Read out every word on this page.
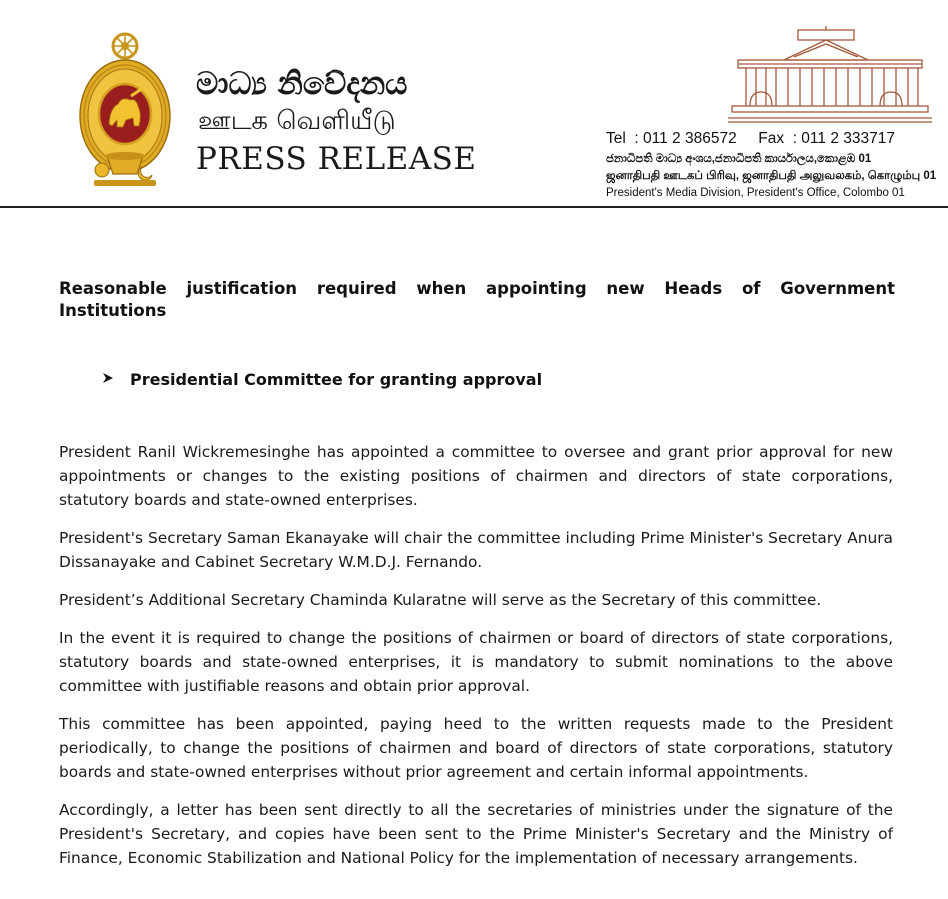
මාධ්‍ය නිවේදනය

ஊடக வெளியீடு

PRESS RELEASE

Tel  : 011 2 386572     Fax  : 011 2 333717

ජනාධිපති මාධ්‍ය අංශය,ජනාධිපති කාර්යාලය,කොළඹ 01

ஜனாதிபதி ஊடகப் பிரிவு, ஜனாதிபதி அலுவலகம், கொழும்பு 01

President's Media Division, President's Office, Colombo 01

Reasonable justification required when appointing new Heads of Government Institutions

Presidential Committee for granting approval

President Ranil Wickremesinghe has appointed a committee to oversee and grant prior approval for new appointments or changes to the existing positions of chairmen and directors of state corporations, statutory boards and state-owned enterprises.

President's Secretary Saman Ekanayake will chair the committee including Prime Minister's Secretary Anura Dissanayake and Cabinet Secretary W.M.D.J. Fernando.

President’s Additional Secretary Chaminda Kularatne will serve as the Secretary of this committee.

In the event it is required to change the positions of chairmen or board of directors of state corporations, statutory boards and state-owned enterprises, it is mandatory to submit nominations to the above committee with justifiable reasons and obtain prior approval.

This committee has been appointed, paying heed to the written requests made to the President periodically, to change the positions of chairmen and board of directors of state corporations, statutory boards and state-owned enterprises without prior agreement and certain informal appointments.

Accordingly, a letter has been sent directly to all the secretaries of ministries under the signature of the President's Secretary, and copies have been sent to the Prime Minister's Secretary and the Ministry of Finance, Economic Stabilization and National Policy for the implementation of necessary arrangements.
